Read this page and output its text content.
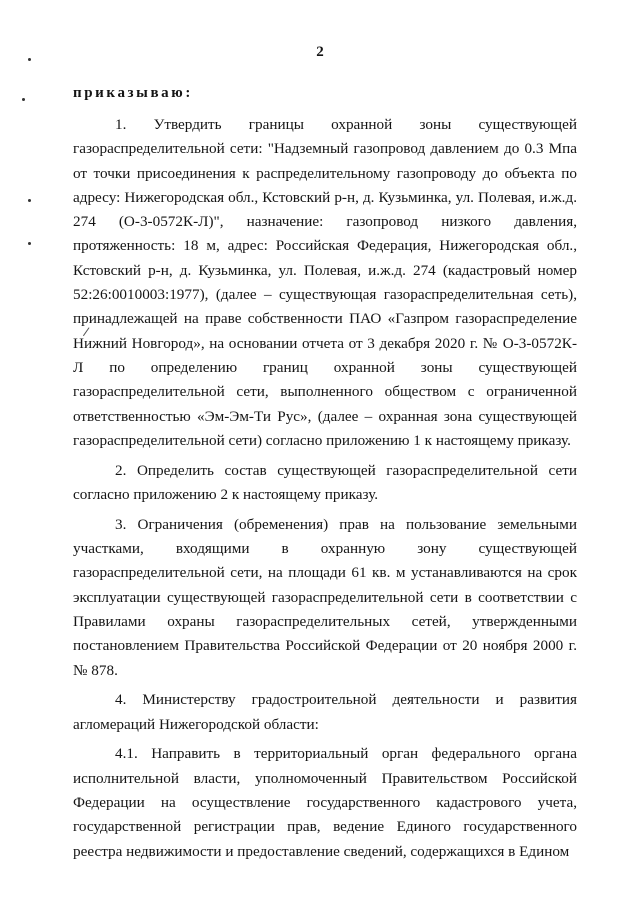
2
приказываю:

1. Утвердить границы охранной зоны существующей газораспределительной сети: "Надземный газопровод давлением до 0.3 Мпа от точки присоединения к распределительному газопроводу до объекта по адресу: Нижегородская обл., Кстовский р-н, д. Кузьминка, ул. Полевая, и.ж.д. 274 (О-3-0572К-Л)", назначение: газопровод низкого давления, протяженность: 18 м, адрес: Российская Федерация, Нижегородская обл., Кстовский р-н, д. Кузьминка, ул. Полевая, и.ж.д. 274 (кадастровый номер 52:26:0010003:1977), (далее – существующая газораспределительная сеть), принадлежащей на праве собственности ПАО «Газпром газораспределение Нижний Новгород», на основании отчета от 3 декабря 2020 г. № О-3-0572К-Л по определению границ охранной зоны существующей газораспределительной сети, выполненного обществом с ограниченной ответственностью «Эм-Эм-Ти Рус», (далее – охранная зона существующей газораспределительной сети) согласно приложению 1 к настоящему приказу.

2. Определить состав существующей газораспределительной сети согласно приложению 2 к настоящему приказу.

3. Ограничения (обременения) прав на пользование земельными участками, входящими в охранную зону существующей газораспределительной сети, на площади 61 кв. м устанавливаются на срок эксплуатации существующей газораспределительной сети в соответствии с Правилами охраны газораспределительных сетей, утвержденными постановлением Правительства Российской Федерации от 20 ноября 2000 г. № 878.

4. Министерству градостроительной деятельности и развития агломераций Нижегородской области:

4.1. Направить в территориальный орган федерального органа исполнительной власти, уполномоченный Правительством Российской Федерации на осуществление государственного кадастрового учета, государственной регистрации прав, ведение Единого государственного реестра недвижимости и предоставление сведений, содержащихся в Едином
